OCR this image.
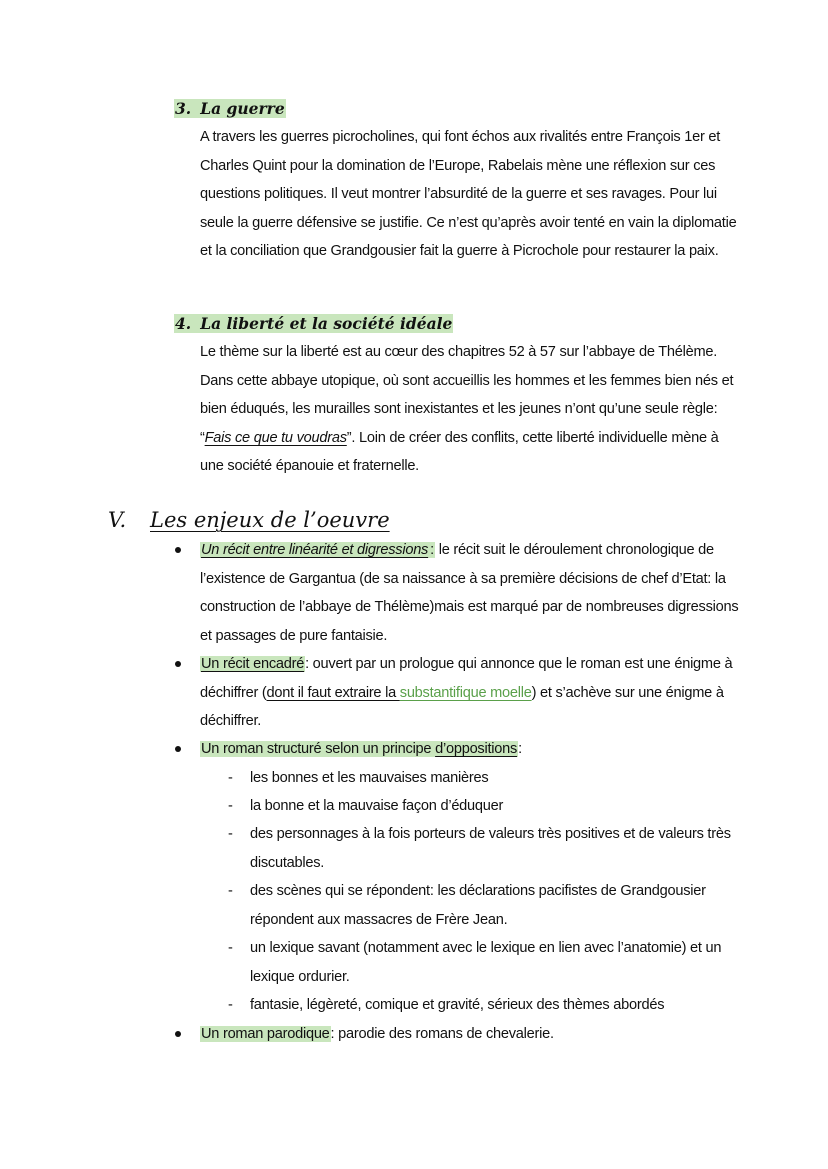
3. La guerre
A travers les guerres picrocholines, qui font échos aux rivalités entre François 1er et
Charles Quint pour la domination de l’Europe, Rabelais mène une réflexion sur ces
questions politiques. Il veut montrer l’absurdité de la guerre et ses ravages. Pour lui
seule la guerre défensive se justifie. Ce n’est qu’après avoir tenté en vain la diplomatie
et la conciliation que Grandgousier fait la guerre à Picrochole pour restaurer la paix.
4. La liberté et la société idéale
Le thème sur la liberté est au cœur des chapitres 52 à 57 sur l’abbaye de Thélème.
Dans cette abbaye utopique, où sont accueillis les hommes et les femmes bien nés et
bien éduqués, les murailles sont inexistantes et les jeunes n’ont qu’une seule règle:
“Fais ce que tu voudras”. Loin de créer des conflits, cette liberté individuelle mène à
une société épanouie et fraternelle.
V. Les enjeux de l’oeuvre
Un récit entre linéarité et digressions : le récit suit le déroulement chronologique de
l’existence de Gargantua (de sa naissance à sa première décisions de chef d’Etat: la
construction de l’abbaye de Thélème)mais est marqué par de nombreuses digressions
et passages de pure fantaisie.
Un récit encadré: ouvert par un prologue qui annonce que le roman est une énigme à
déchiffrer (dont il faut extraire la substantifique moelle) et s’achève sur une énigme à
déchiffrer.
Un roman structuré selon un principe d’oppositions:
- les bonnes et les mauvaises manières
- la bonne et la mauvaise façon d’éduquer
- des personnages à la fois porteurs de valeurs très positives et de valeurs très
discutables.
- des scènes qui se répondent: les déclarations pacifistes de Grandgousier
répondent aux massacres de Frère Jean.
- un lexique savant (notamment avec le lexique en lien avec l’anatomie) et un
lexique ordurier.
- fantasie, légèreté, comique et gravité, sérieux des thèmes abordés
Un roman parodique: parodie des romans de chevalerie.
